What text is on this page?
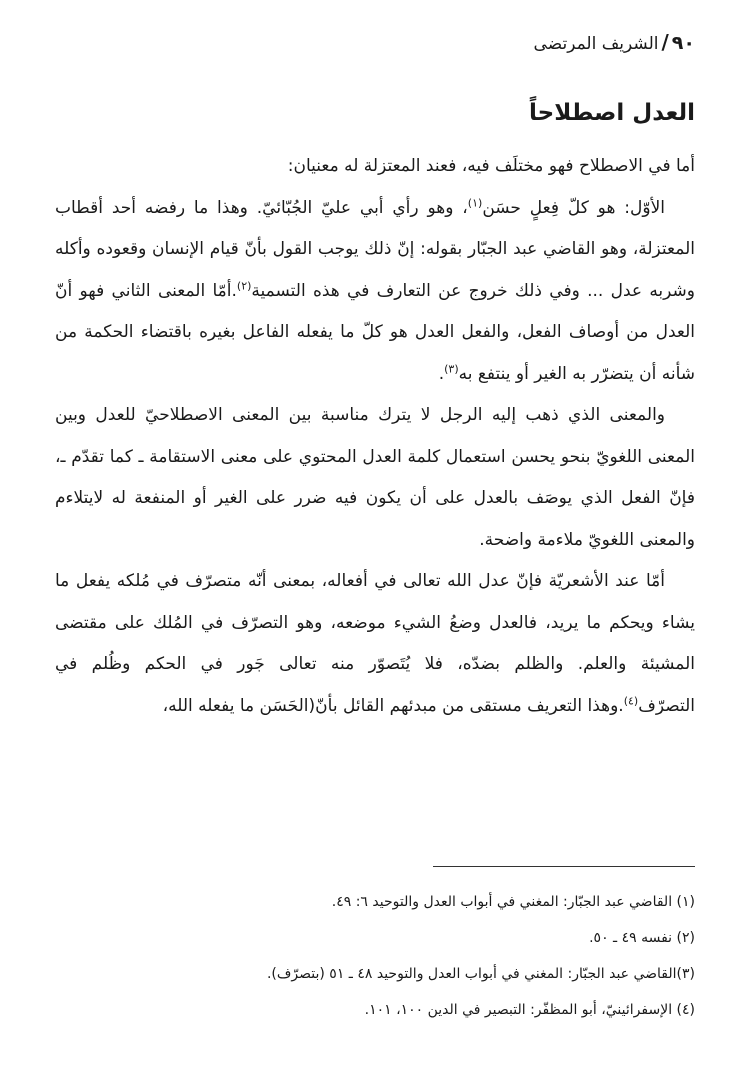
٩٠/الشريف المرتضى
العدل اصطلاحاً

أما في الاصطلاح فهو مختلَف فيه، فعند المعتزلة له معنيان:

الأوّل: هو كلّ فِعلٍ حسَن$^{(١)}$، وهو رأي أبي عليّ الجُبّائيّ. وهذا ما رفضه أحد أقطاب المعتزلة، وهو القاضي عبد الجبّار بقوله: إنّ ذلك يوجب القول بأنّ قيام الإنسان وقعوده وأكله وشربه عدل ... وفي ذلك خروج عن التعارف في هذه التسمية$^{(٢)}$.أمّا المعنى الثاني فهو أنّ العدل من أوصاف الفعل، والفعل العدل هو كلّ ما يفعله الفاعل بغيره باقتضاء الحكمة من شأنه أن يتضرّر به الغير أو ينتفع به$^{(٣)}$.

والمعنى الذي ذهب إليه الرجل لا يترك مناسبة بين المعنى الاصطلاحيّ للعدل وبين المعنى اللغويّ بنحو يحسن استعمال كلمة العدل المحتوي على معنى الاستقامة ـ كما تقدّم ـ، فإنّ الفعل الذي يوصَف بالعدل على أن يكون فيه ضرر على الغير أو المنفعة له لايتلاءم والمعنى اللغويّ ملاءمة واضحة.

أمّا عند الأشعريّة فإنّ عدل الله تعالى في أفعاله، بمعنى أنّه متصرّف في مُلكه يفعل ما يشاء ويحكم ما يريد، فالعدل وضعُ الشيء موضعه، وهو التصرّف في المُلك على مقتضى المشيئة والعلم. والظلم بضدّه، فلا يُتَصوّر منه تعالى جَور في الحكم وظُلم في التصرّف$^{(٤)}$.وهذا التعريف مستقى من مبدئهم القائل بأنّ(الحَسَن ما يفعله الله،

(١) القاضي عبد الجبّار: المغني في أبواب العدل والتوحيد ٦: ٤٩.
(٢) نفسه ٤٩ ـ ٥٠.
(٣)القاضي عبد الجبّار: المغني في أبواب العدل والتوحيد ٤٨ ـ ٥١ (بتصرّف).
(٤) الإسفرائينيّ، أبو المظفّر: التبصير في الدين ١٠٠، ١٠١.
